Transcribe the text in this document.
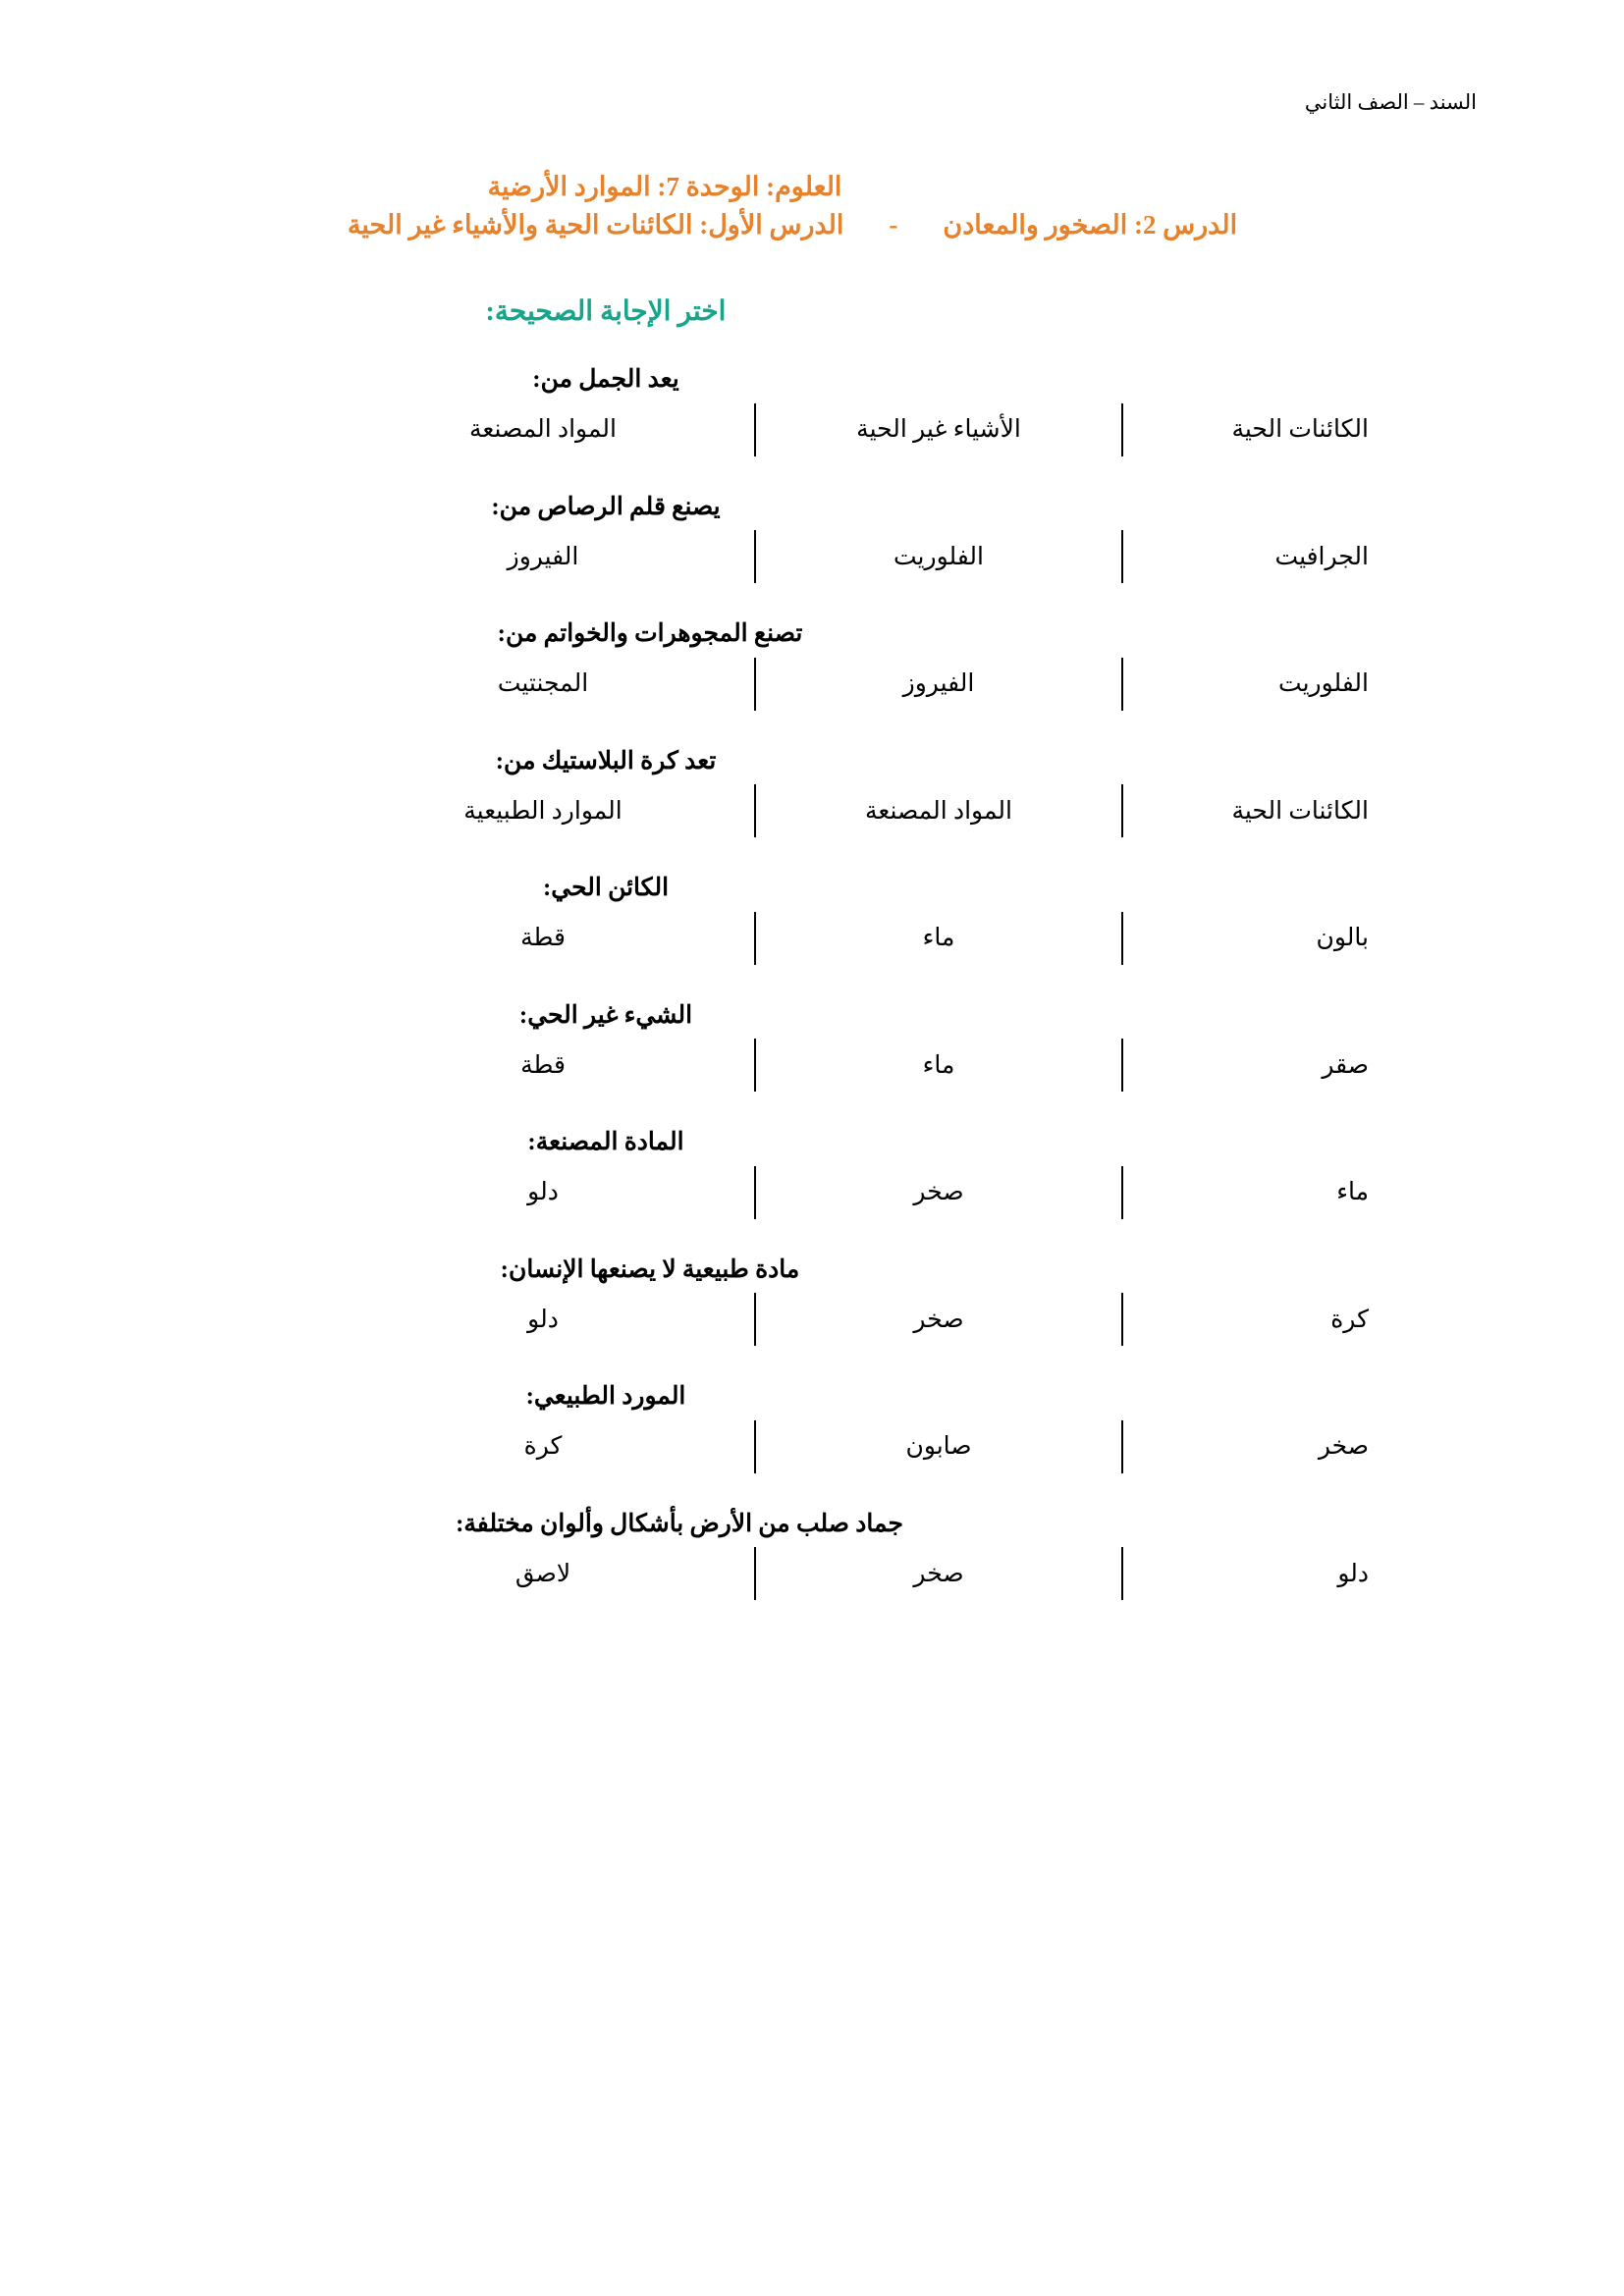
السند – الصف الثاني
العلوم: الوحدة 7: الموارد الأرضية
الدرس 2: الصخور والمعادن
-
الدرس الأول: الكائنات الحية والأشياء غير الحية
اختر الإجابة الصحيحة:
يعد الجمل من:
الكائنات الحية
الأشياء غير الحية
المواد المصنعة
يصنع قلم الرصاص من:
الجرافيت
الفلوريت
الفيروز
تصنع المجوهرات والخواتم من:
الفلوريت
الفيروز
المجنتيت
تعد كرة البلاستيك من:
الكائنات الحية
المواد المصنعة
الموارد الطبيعية
الكائن الحي:
بالون
ماء
قطة
الشيء غير الحي:
صقر
ماء
قطة
المادة المصنعة:
ماء
صخر
دلو
مادة طبيعية لا يصنعها الإنسان:
كرة
صخر
دلو
المورد الطبيعي:
صخر
صابون
كرة
جماد صلب من الأرض بأشكال وألوان مختلفة:
دلو
صخر
لاصق
